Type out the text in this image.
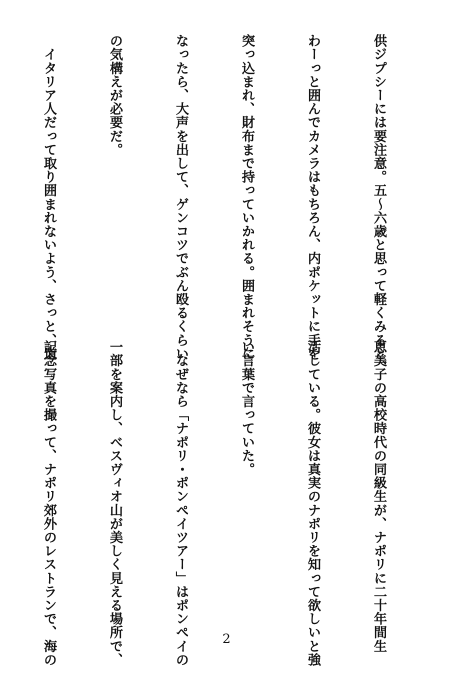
供ジプシーには要注意。五～六歳と思って軽くみると、

わーっと囲んでカメラはもちろん、内ポケットに手を

突っ込まれ、財布まで持っていかれる。囲まれそうに

なったら、大声を出して、ゲンコツでぶん殴るくらい

の気構えが必要だ。

　イタリア人だって取り囲まれないよう、さっと、道

恵美子の高校時代の同級生が、ナポリに二十年間生

活している。彼女は真実のナポリを知って欲しいと強

い言葉で言っていた。

　なぜなら「ナポリ・ポンペイツアー」はポンペイの

一部を案内し、ベスヴィオ山が美しく見える場所で、

記念写真を撮って、ナポリ郊外のレストランで、海の

	2
